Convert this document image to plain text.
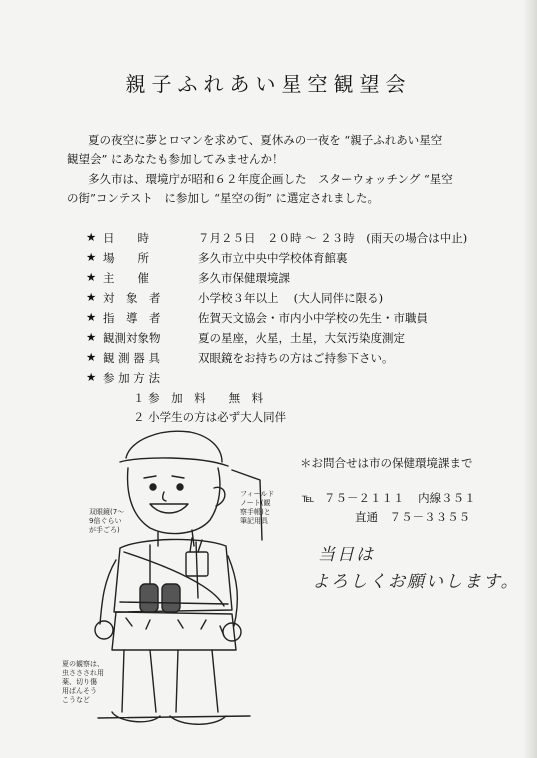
親子ふれあい星空観望会
夏の夜空に夢とロマンを求めて、夏休みの一夜を “親子ふれあい星空
観望会” にあなたも参加してみませんか！
多久市は、環境庁が昭和６２年度企画した　スターウォッチング “星空
の街”コンテスト　に参加し “星空の街” に選定されました。
★ 日　　時	７月２５日　２０時 ～ ２３時　(雨天の場合は中止)
★ 場　　所	多久市立中央中学校体育館裏
★ 主　　催	多久市保健環境課
★ 対　象　者	小学校３年以上　 (大人同伴に限る)
★ 指　導　者	佐賀天文協会・市内小中学校の先生・市職員
★ 観測対象物	夏の星座，火星，土星，大気汚染度測定
★ 観 測 器 具	双眼鏡をお持ちの方はご持参下さい。
★ 参 加 方 法
１ 参　加　料　　無　料
２ 小学生の方は必ず大人同伴
＊お問合せは市の保健環境課まで
℡ ７５－２１１１ 内線３５１
直通 ７５－３３５５
当日は
よろしくお願いします。
双眼鏡(7～
9倍ぐらい
が手ごろ)
フィールド
ノート(観
察手帳)と
筆記用具
夏の観察は、
虫ささされ用
薬、切り傷
用ばんそう
こうなど
